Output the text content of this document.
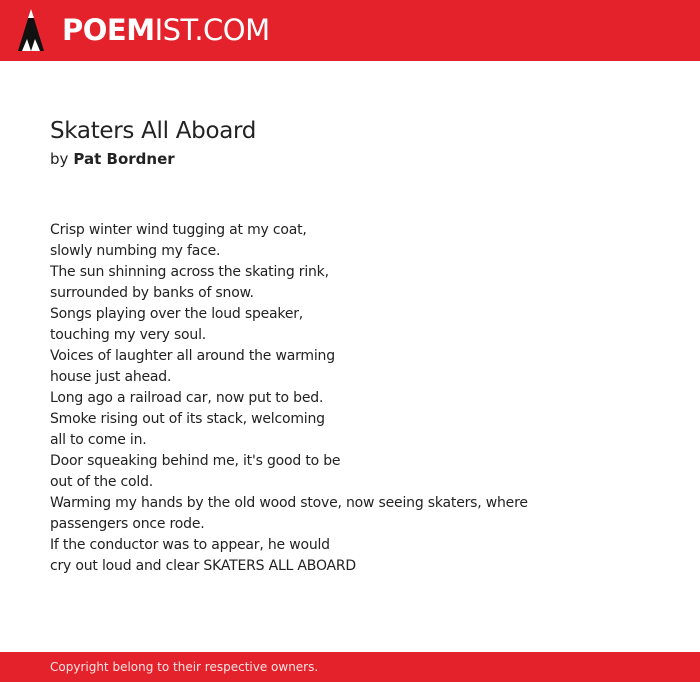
POEMIST.COM
Skaters All Aboard
by Pat Bordner
Crisp winter wind tugging at my coat,
slowly numbing my face.
The sun shinning across the skating rink,
surrounded by banks of snow.
Songs playing over the loud speaker,
touching my very soul.
Voices of laughter all around the warming
house just ahead.
Long ago a railroad car, now put to bed.
Smoke rising out of its stack, welcoming
all to come in.
Door squeaking behind me, it's good to be
out of the cold.
Warming my hands by the old wood stove, now seeing skaters, where
passengers once rode.
If the conductor was to appear, he would
cry out loud and clear SKATERS ALL ABOARD
Copyright belong to their respective owners.
